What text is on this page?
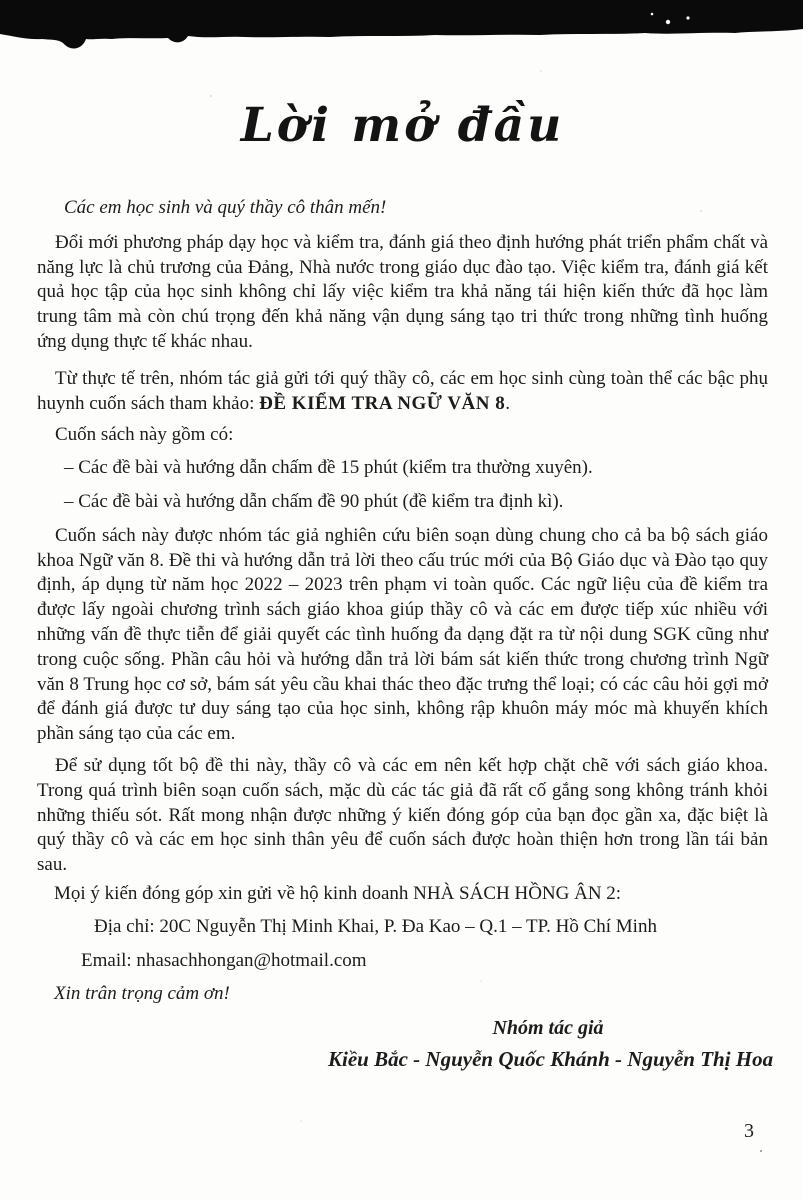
Lời mở đầu

Các em học sinh và quý thầy cô thân mến!

Đổi mới phương pháp dạy học và kiểm tra, đánh giá theo định hướng phát triển phẩm chất và năng lực là chủ trương của Đảng, Nhà nước trong giáo dục đào tạo. Việc kiểm tra, đánh giá kết quả học tập của học sinh không chỉ lấy việc kiểm tra khả năng tái hiện kiến thức đã học làm trung tâm mà còn chú trọng đến khả năng vận dụng sáng tạo tri thức trong những tình huống ứng dụng thực tế khác nhau.

Từ thực tế trên, nhóm tác giả gửi tới quý thầy cô, các em học sinh cùng toàn thể các bậc phụ huynh cuốn sách tham khảo: ĐỀ KIỂM TRA NGỮ VĂN 8.

Cuốn sách này gồm có:

– Các đề bài và hướng dẫn chấm đề 15 phút (kiểm tra thường xuyên).

– Các đề bài và hướng dẫn chấm đề 90 phút (đề kiểm tra định kì).

Cuốn sách này được nhóm tác giả nghiên cứu biên soạn dùng chung cho cả ba bộ sách giáo khoa Ngữ văn 8. Đề thi và hướng dẫn trả lời theo cấu trúc mới của Bộ Giáo dục và Đào tạo quy định, áp dụng từ năm học 2022 – 2023 trên phạm vi toàn quốc. Các ngữ liệu của đề kiểm tra được lấy ngoài chương trình sách giáo khoa giúp thầy cô và các em được tiếp xúc nhiều với những vấn đề thực tiễn để giải quyết các tình huống đa dạng đặt ra từ nội dung SGK cũng như trong cuộc sống. Phần câu hỏi và hướng dẫn trả lời bám sát kiến thức trong chương trình Ngữ văn 8 Trung học cơ sở, bám sát yêu cầu khai thác theo đặc trưng thể loại; có các câu hỏi gợi mở để đánh giá được tư duy sáng tạo của học sinh, không rập khuôn máy móc mà khuyến khích phần sáng tạo của các em.

Để sử dụng tốt bộ đề thi này, thầy cô và các em nên kết hợp chặt chẽ với sách giáo khoa. Trong quá trình biên soạn cuốn sách, mặc dù các tác giả đã rất cố gắng song không tránh khỏi những thiếu sót. Rất mong nhận được những ý kiến đóng góp của bạn đọc gần xa, đặc biệt là quý thầy cô và các em học sinh thân yêu để cuốn sách được hoàn thiện hơn trong lần tái bản sau.

Mọi ý kiến đóng góp xin gửi về hộ kinh doanh NHÀ SÁCH HỒNG ÂN 2:

Địa chỉ: 20C Nguyễn Thị Minh Khai, P. Đa Kao – Q.1 – TP. Hồ Chí Minh

Email: nhasachhongan@hotmail.com

Xin trân trọng cảm ơn!

Nhóm tác giả

Kiều Bắc - Nguyễn Quốc Khánh - Nguyễn Thị Hoa

3
